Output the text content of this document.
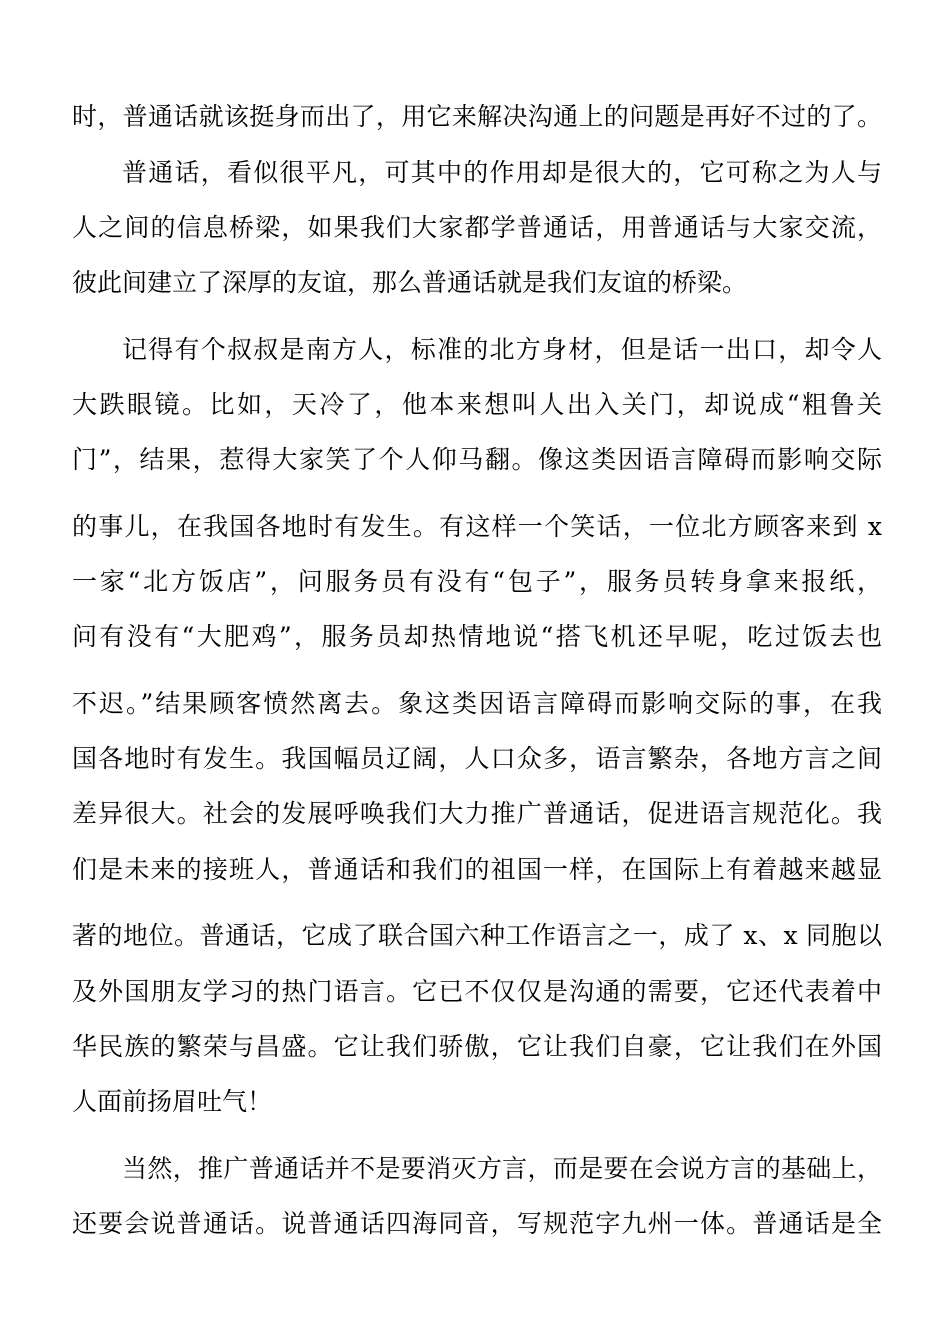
时，普通话就该挺身而出了，用它来解决沟通上的问题是再好不过的了。
普通话，看似很平凡，可其中的作用却是很大的，它可称之为人与
人之间的信息桥梁，如果我们大家都学普通话，用普通话与大家交流，
彼此间建立了深厚的友谊，那么普通话就是我们友谊的桥梁。
记得有个叔叔是南方人，标准的北方身材，但是话一出口，却令人
大跌眼镜。比如，天冷了，他本来想叫人出入关门，却说成“粗鲁关
门”，结果，惹得大家笑了个人仰马翻。像这类因语言障碍而影响交际
的事儿，在我国各地时有发生。有这样一个笑话，一位北方顾客来到 x
一家“北方饭店”，问服务员有没有“包子”，服务员转身拿来报纸，
问有没有“大肥鸡”，服务员却热情地说“搭飞机还早呢，吃过饭去也
不迟。”结果顾客愤然离去。象这类因语言障碍而影响交际的事，在我
国各地时有发生。我国幅员辽阔，人口众多，语言繁杂，各地方言之间
差异很大。社会的发展呼唤我们大力推广普通话，促进语言规范化。我
们是未来的接班人，普通话和我们的祖国一样，在国际上有着越来越显
著的地位。普通话，它成了联合国六种工作语言之一，成了 x、x 同胞以
及外国朋友学习的热门语言。它已不仅仅是沟通的需要，它还代表着中
华民族的繁荣与昌盛。它让我们骄傲，它让我们自豪，它让我们在外国
人面前扬眉吐气！
当然，推广普通话并不是要消灭方言，而是要在会说方言的基础上，
还要会说普通话。说普通话四海同音，写规范字九州一体。普通话是全
